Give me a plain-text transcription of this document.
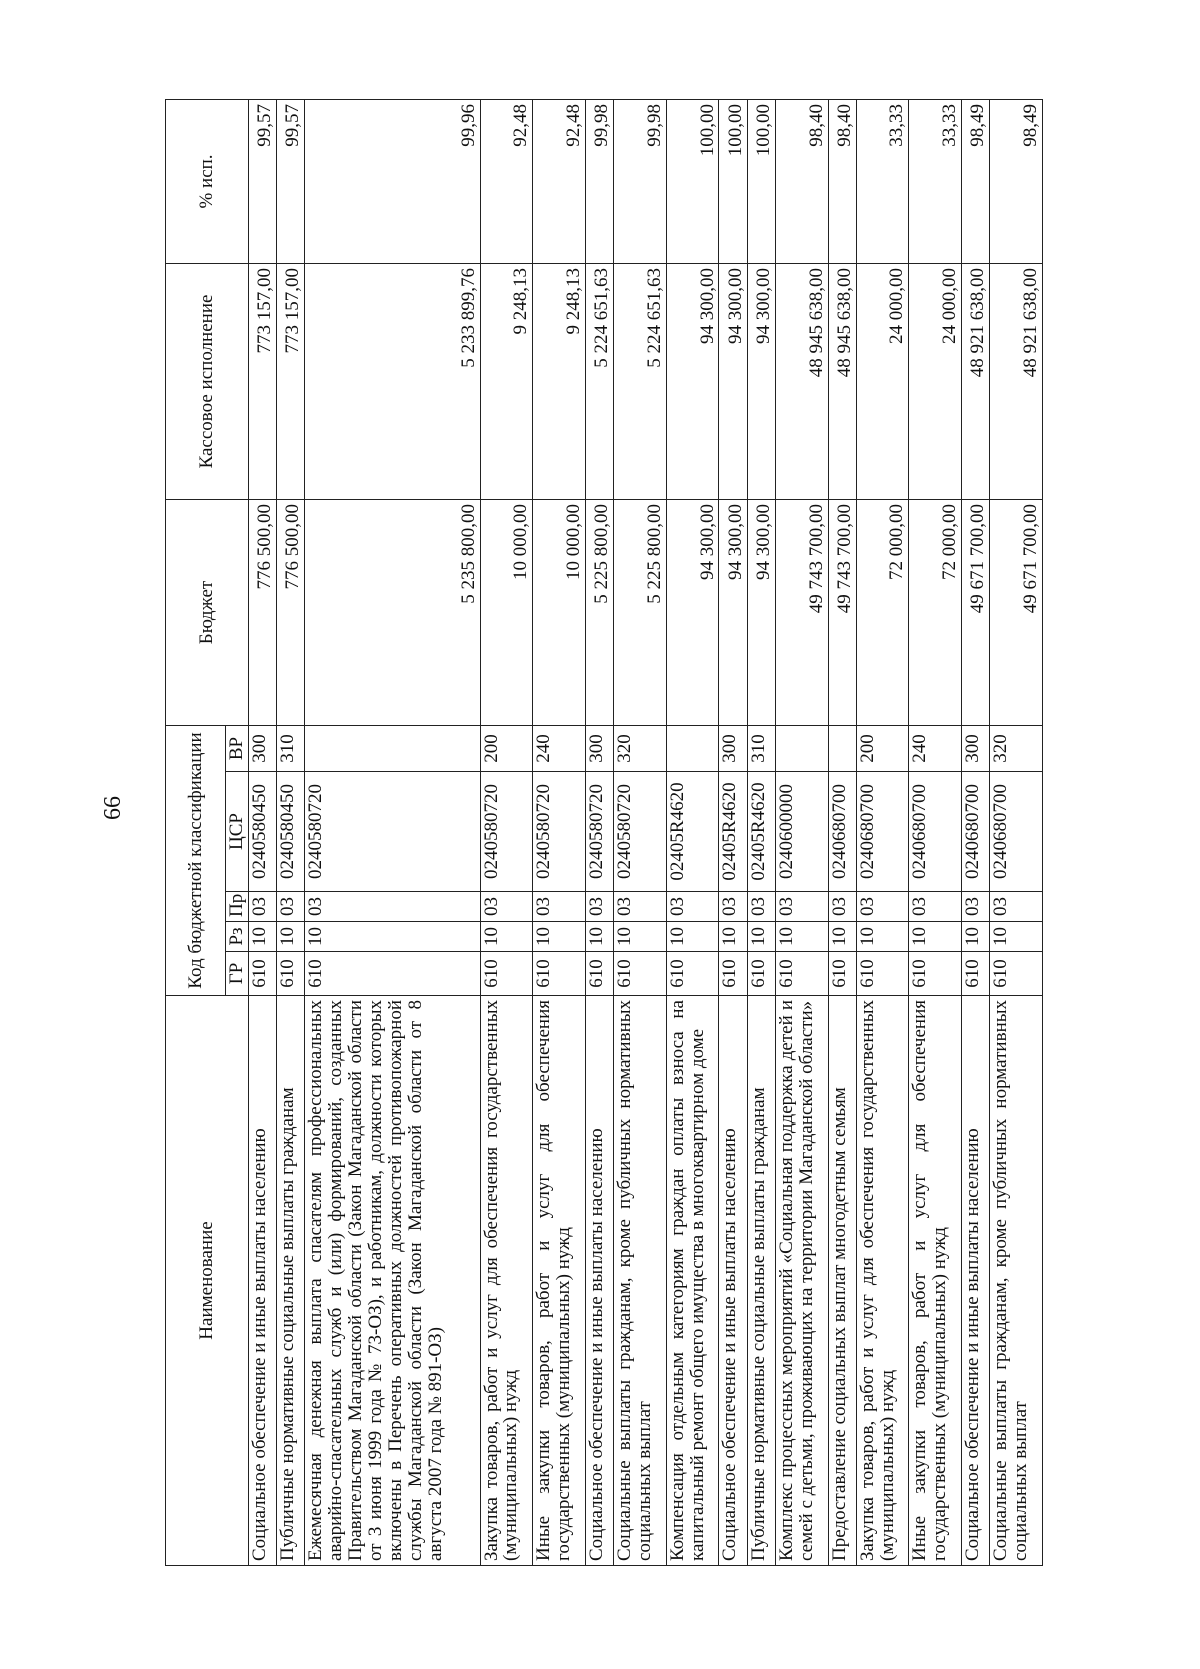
66
Наименование	Код бюджетной классификации					Бюджет	Кассовое исполнение	% исп.
	ГР	Рз	Пр	ЦСР	ВР			
Социальное обеспечение и иные выплаты населению	610	10	03	0240580450	300	776 500,00	773 157,00	99,57
Публичные нормативные социальные выплаты гражданам	610	10	03	0240580450	310	776 500,00	773 157,00	99,57
Ежемесячная денежная выплата спасателям профессиональных аварийно-спасательных служб и (или) формирований, созданных Правительством Магаданской области (Закон Магаданской области от 3 июня 1999 года № 73-ОЗ), и работникам, должности которых включены в Перечень оперативных должностей противопожарной службы Магаданской области (Закон Магаданской области от 8 августа 2007 года № 891-ОЗ)	610	10	03	0240580720		5 235 800,00	5 233 899,76	99,96
Закупка товаров, работ и услуг для обеспечения государственных (муниципальных) нужд	610	10	03	0240580720	200	10 000,00	9 248,13	92,48
Иные закупки товаров, работ и услуг для обеспечения государственных (муниципальных) нужд	610	10	03	0240580720	240	10 000,00	9 248,13	92,48
Социальное обеспечение и иные выплаты населению	610	10	03	0240580720	300	5 225 800,00	5 224 651,63	99,98
Социальные выплаты гражданам, кроме публичных нормативных социальных выплат	610	10	03	0240580720	320	5 225 800,00	5 224 651,63	99,98
Компенсация отдельным категориям граждан оплаты взноса на капитальный ремонт общего имущества в многоквартирном доме	610	10	03	02405R4620		94 300,00	94 300,00	100,00
Социальное обеспечение и иные выплаты населению	610	10	03	02405R4620	300	94 300,00	94 300,00	100,00
Публичные нормативные социальные выплаты гражданам	610	10	03	02405R4620	310	94 300,00	94 300,00	100,00
Комплекс процессных мероприятий «Социальная поддержка детей и семей с детьми, проживающих на территории Магаданской области»	610	10	03	0240600000		49 743 700,00	48 945 638,00	98,40
Предоставление социальных выплат многодетным семьям	610	10	03	0240680700		49 743 700,00	48 945 638,00	98,40
Закупка товаров, работ и услуг для обеспечения государственных (муниципальных) нужд	610	10	03	0240680700	200	72 000,00	24 000,00	33,33
Иные закупки товаров, работ и услуг для обеспечения государственных (муниципальных) нужд	610	10	03	0240680700	240	72 000,00	24 000,00	33,33
Социальное обеспечение и иные выплаты населению	610	10	03	0240680700	300	49 671 700,00	48 921 638,00	98,49
Социальные выплаты гражданам, кроме публичных нормативных социальных выплат	610	10	03	0240680700	320	49 671 700,00	48 921 638,00	98,49
